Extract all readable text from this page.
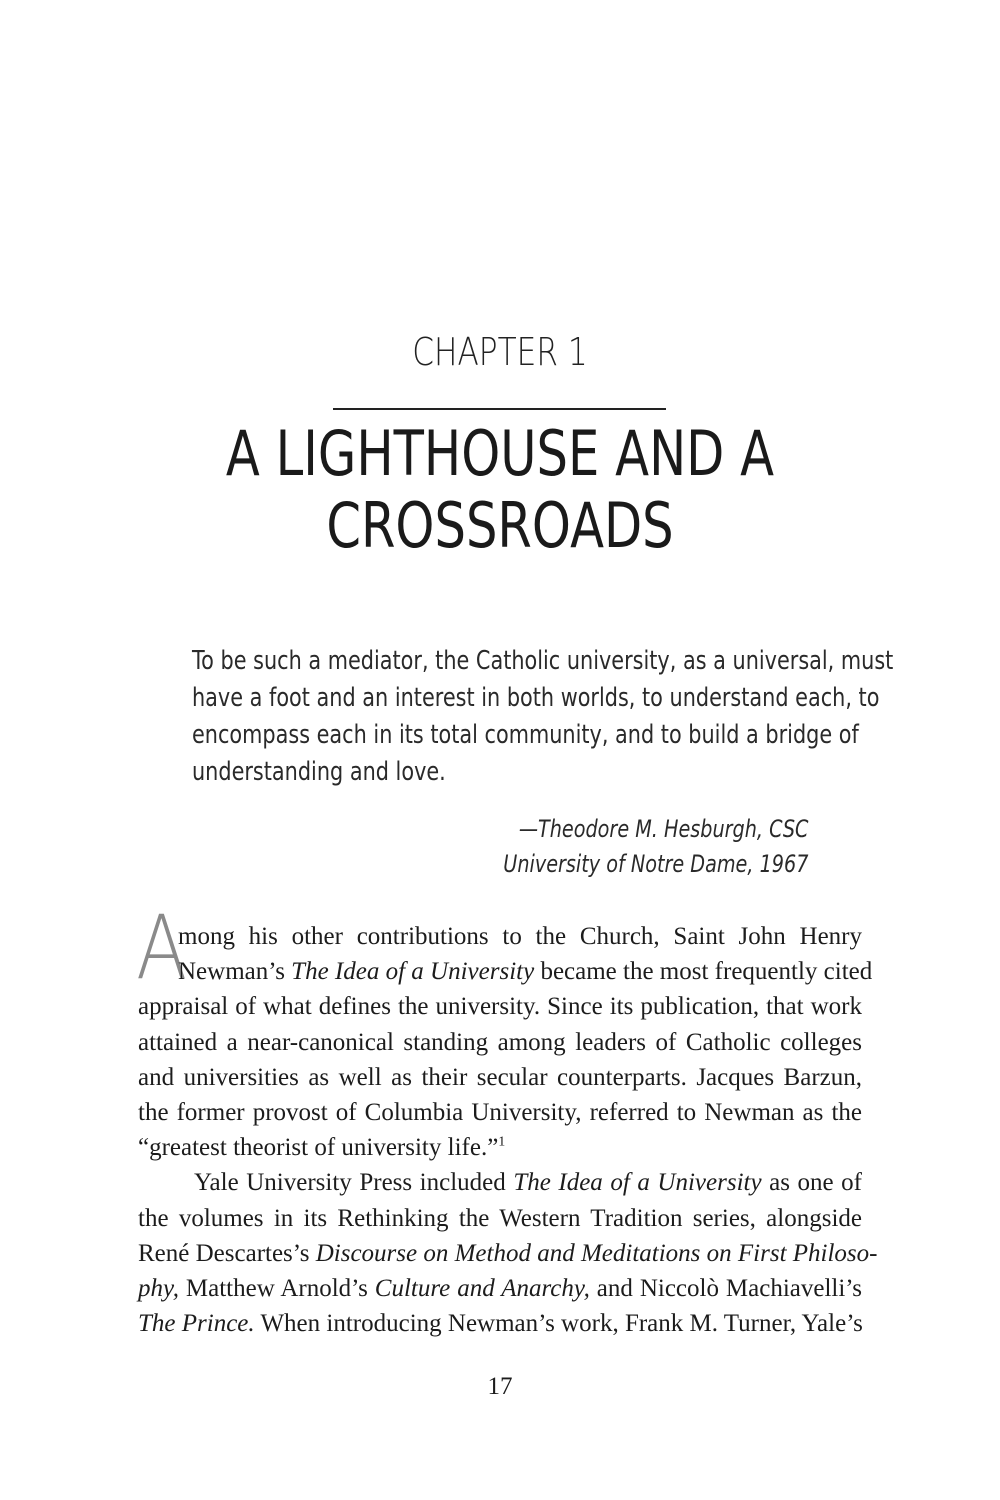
CHAPTER 1
A LIGHTHOUSE AND A
CROSSROADS
To be such a mediator, the Catholic university, as a universal, must
have a foot and an interest in both worlds, to understand each, to
encompass each in its total community, and to build a bridge of
understanding and love.
—Theodore M. Hesburgh, CSC
University of Notre Dame, 1967
A
mong his other contributions to the Church, Saint John Henry
Newman’s The Idea of a University became the most frequently cited
appraisal of what defines the university. Since its publication, that work
attained a near-canonical standing among leaders of Catholic colleges
and universities as well as their secular counterparts. Jacques Barzun,
the former provost of Columbia University, referred to Newman as the
“greatest theorist of university life.”$^1$
Yale University Press included The Idea of a University as one of
the volumes in its Rethinking the Western Tradition series, alongside
René Descartes’s Discourse on Method and Meditations on First Philoso-
phy, Matthew Arnold’s Culture and Anarchy, and Niccolò Machiavelli’s
The Prince. When introducing Newman’s work, Frank M. Turner, Yale’s
17
